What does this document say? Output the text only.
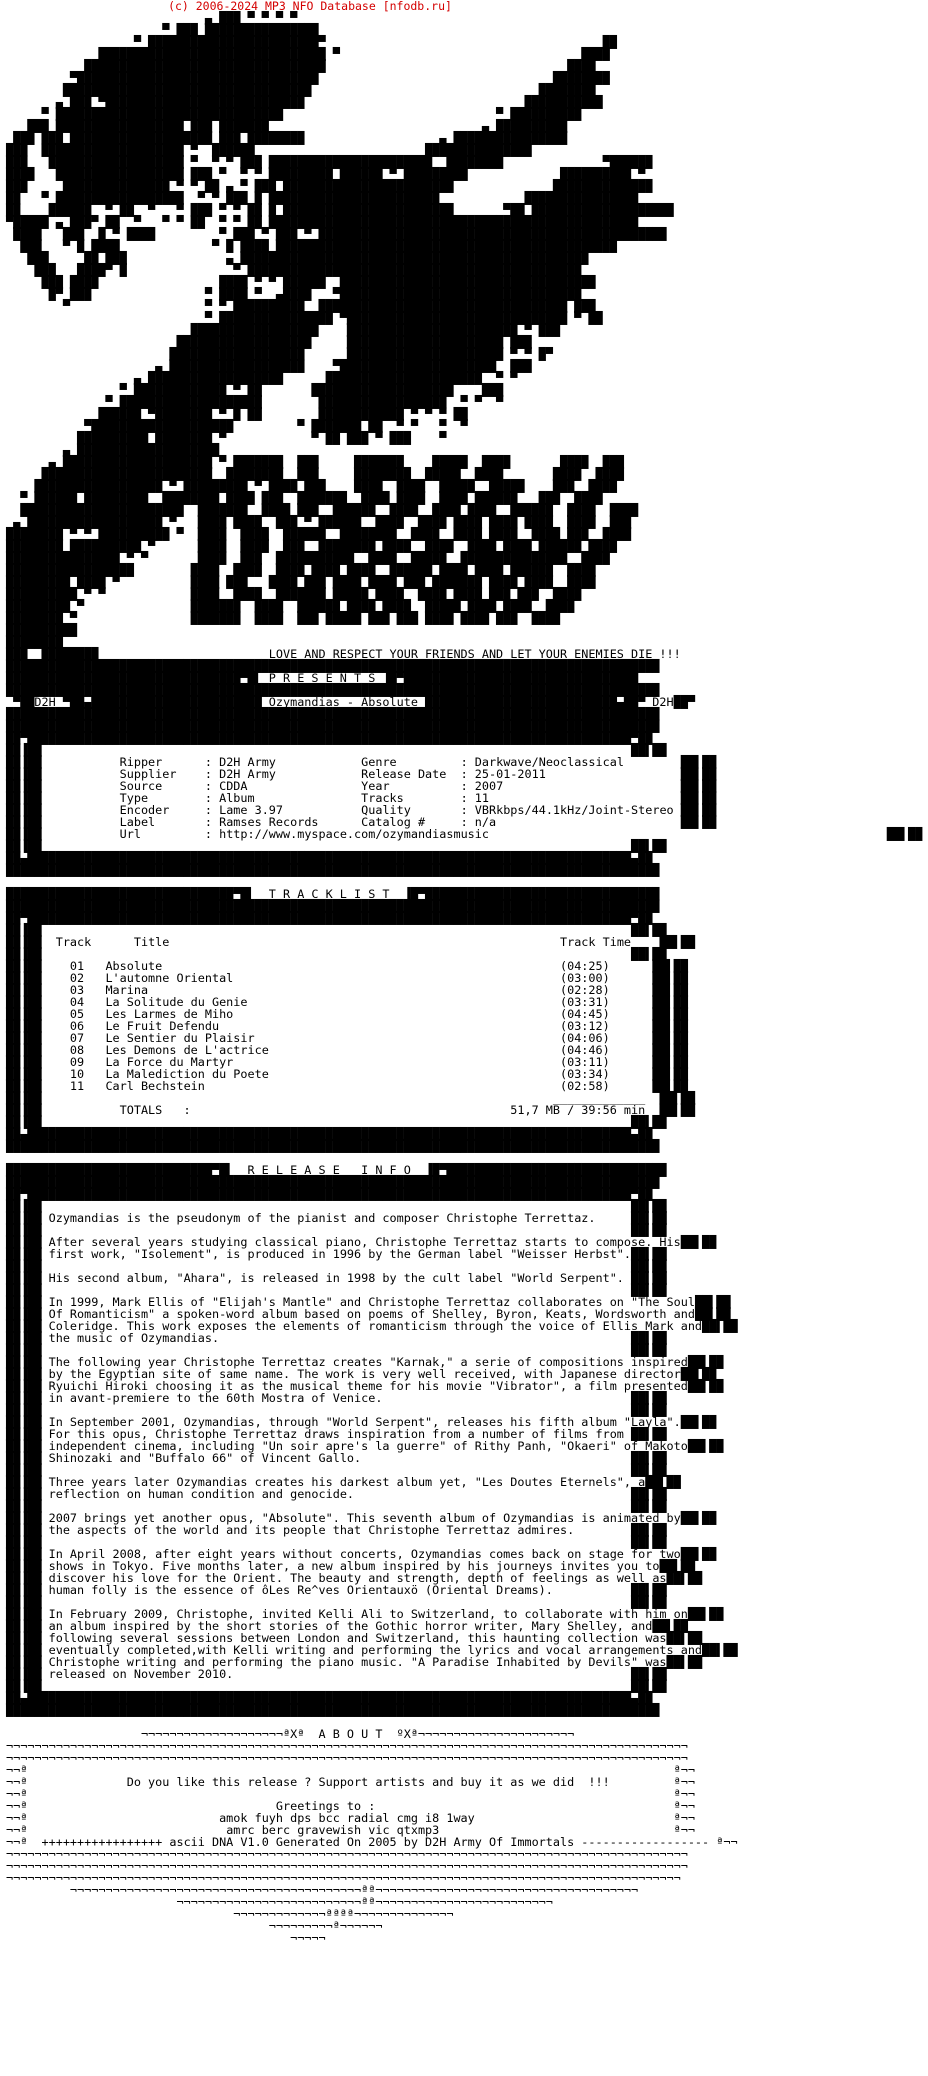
(c) 2006-2024 MP3 NFO Database [nfodb.ru]
▄ ███ ▀ ▀ ▀ ▀
▀ ███ ████████████████
▀ ████████████████████████▀                                       ██
████████████████████████████████ ▀                                  ████
██████████████████████████████████                                  ████
▀██████████████████████████████████                                 ████████
███████████████████████████████████                                ████████
▄ ███ ▀████████████████████████████                               ███████████
▀ ████████████████████████████████                              ▀ ██████████
███ ██████████████████ ███ ███████                              ▄ ██████████
███ ███ ████████████████████ ███ ████████                   ▄ ████████████████
███  ████████████████████ ▀  ██████                        ███████████████
███   ███████████████████ ▀  ▀ ▀ ███ ███████████████████████  ████████              ▀██████
████   ██████████████████ ███ ▀  ▀ ▀ █████████ ██████ ▀ █████████             ██████████ ▀
███     ███████████████ ▀ ▀ ██ ▄ ▀ ███ ████████████████████████              ██████████████
██   ▀ ██████████████████  ▀ ▀ ███ █ ████████████████████████            ████████████████
██    ██████  ▀ ██  ▀   ▀ ███ ▀ ▀ ██ █ ████████████████████████       ▀██ ████████████████████
▀█████ ▄ ███▀ ██  ▀   ▀ ▀ ██  ▀ ▀ ██ ████████████████████████████████████████████████████
████   ███  █ ▀ ████         ▀ ███ ▀ ███ ▀ █████████████████████████████████████████████████
███   ▀ █ ████             ▀ █ ████ ████████████████████████████████████████████████
███     ██ ███              ▄ █████████████████████████████████████████████████
███   ████▀ █               ▀ ███████████████████████████████████████████████
███ ████                 ████ ▀ ▀ ██████  ████████████████████████████████████
█▀ ███                ▀ ████ ▀  ▄████   ▀██████████████████████████████████
▀                   ▀ ▀ ██████████  ███████████████████████████████████ ███
▀ ████████████████ ▀███████████████████████████████ ▀ ██
██████████████████    ████████████████████████ ▀ ███
███████████████████     ██████████████████████ ███
███████████████████      ██████████████████████ ▀ ▀ █▀
▄ ███████████████████    ▀██████████████████████  ███
▄ ███████████████████      ██████████████████████  ▀ ▀
▀ █████████████ ▀ ██       ████████████████████    ███
▀ ████████████████████        ██████████████████  ▀ ▀  ▀
██████ ▀████████ ▀ █ ██        ████████████ ▀ ▀ ▀ ██
▀████████████████████         ▀ ███████ ██  ▀ ▀   ▀  ▀
██████████ ████████ ▀            ▀ ██ ███ ▀ ███    ▀
▄ ████████████████████
▄ █████████████████████ ▀ ███████  ███     ███████    █████  ████       ████  ███
████████████████████████  ████████  ███     ████████  █████  ████       ████  ████
██████████████████ ▀ █████████ ▀ ████ ███    ████  ████  █████  █████    ███  ████
▀ ██████ █████████  ████████ ████ ███  ███████  ████ ████  ████ ██████   ███  ████
███████████████████████  ███████  ████ ███  ██████  ████  ████ ████  ██████  ████  ████
▄ ███████████████████ ▀   ████ ████  ███ ▀ ██████  ████  ████ ████ ████ ████  ████  ███
████████ ▀ ▀ ██████████ ▀  ████  ████  ██████  ████████  ████  ████ ████  ████ ███  ████
████████ ██████████ ▀      ████  ████  ███  ████████ ████  ████  ████ ████ ██████ ████
████████████████ ▀ ▀       ████  ███  ███████████  ████  █████  ███████████████  ████
██████████████████        ████  ████  ████ ████ ████  ██████ ████ ████ ██████  ████
█████████ ████ ▀          ████ ███   ████ ███ ████ ████ ███ ███████ ████ ████  ████
██████████ ▀ ▀            ████  ████  ███████ █████ ████  ████ ████ ███ ███  ████
█████████ ▀               ███████  ████  ██████ ████ ████  █████ ████ ████  ████
████████ ▀                ███████  ████  ███ █████ ███ ███ ████ ████ ███  ████
██████████
████████
███  ████████                        LOVE AND RESPECT YOUR FRIENDS AND LET YOUR ENEMIES DIE !!!
████████████████████████████████████████████████████████████████████████████████████████████
█████████████████████████████████▀█▌ P R E S E N T S ▐█▀█████████████████████████████████
████████████████████████████████████████████████████████████████████████████████████████████
▀██D2H ▀██▄████████████████████████ Ozymandias - Absolute ███████████████████████████▄██▀ D2H██▀
████████████████████████████████████████████████████████████████████████████████████████████
████████████████████████████████████████████████████████████████████████████████████████████
██▀█████████████████████████████████████████████████████████████████████████████████████▀██
██▐██                                                                                   ██▌██
██▐██           Ripper      : D2H Army            Genre         : Darkwave/Neoclassical        ██▌██
██▐██           Supplier    : D2H Army            Release Date  : 25-01-2011                   ██▌██
██▐██           Source      : CDDA                Year          : 2007                         ██▌██
██▐██           Type        : Album               Tracks        : 11                           ██▌██
██▐██           Encoder     : Lame 3.97           Quality       : VBRkbps/44.1kHz/Joint-Stereo ██▌██
██▐██           Label       : Ramses Records      Catalog #     : n/a                          ██▌██
██▐██           Url         : http://www.myspace.com/ozymandiasmusic	██▌██
██▐██                                                                                   ██▌██
██▄█████████████████████████████████████████████████████████████████████████████████████▄██
████████████████████████████████████████████████████████████████████████████████████████████

████████████████████████████████▀█▌  T R A C K L I S T  ▐█▀█████████████████████████████████
████████████████████████████████████████████████████████████████████████████████████████████
██▀█████████████████████████████████████████████████████████████████████████████████████▀██
██▐██                                                                                   ██▌██
██▐██  Track      Title                                                       Track Time    ██▌██
██▐██                                                                                   ██▌██
██▐██    01   Absolute                                                        (04:25)      ██▌██
██▐██    02   L'automne Oriental                                              (03:00)      ██▌██
██▐██    03   Marina                                                          (02:28)      ██▌██
██▐██    04   La Solitude du Genie                                            (03:31)      ██▌██
██▐██    05   Les Larmes de Miho                                              (04:45)      ██▌██
██▐██    06   Le Fruit Defendu                                                (03:12)      ██▌██
██▐██    07   Le Sentier du Plaisir                                           (04:06)      ██▌██
██▐██    08   Les Demons de L'actrice                                         (04:46)      ██▌██
██▐██    09   La Force du Martyr                                              (03:11)      ██▌██
██▐██    10   La Malediction du Poete                                         (03:34)      ██▌██
██▐██    11   Carl Bechstein                                                  (02:58)      ██▌██
██▐██                                                                        _____________  ██▌██
██▐██           TOTALS   :                                             51,7 MB / 39:56 min  ██▌██
██▐██                                                                                   ██▌██
██▄█████████████████████████████████████████████████████████████████████████████████████▄██
████████████████████████████████████████████████████████████████████████████████████████████

█████████████████████████████▀█▌  R E L E A S E   I N F O  ▐█▀███████████████████████████████
████████████████████████████████████████████████████████████████████████████████████████████
██▀█████████████████████████████████████████████████████████████████████████████████████▀██
██▐██                                                                                   ██▌██
██▐██ Ozymandias is the pseudonym of the pianist and composer Christophe Terrettaz.     ██▌██
██▐██                                                                                   ██▌██
██▐██ After several years studying classical piano, Christophe Terrettaz starts to compose. His██▌██
██▐██ first work, "Isolement", is produced in 1996 by the German label "Weisser Herbst".██▌██
██▐██                                                                                   ██▌██
██▐██ His second album, "Ahara", is released in 1998 by the cult label "World Serpent". ██▌██
██▐██                                                                                   ██▌██
██▐██ In 1999, Mark Ellis of "Elijah's Mantle" and Christophe Terrettaz collaborates on "The Soul██▌██
██▐██ Of Romanticism" a spoken-word album based on poems of Shelley, Byron, Keats, Wordsworth and██▌██
██▐██ Coleridge. This work exposes the elements of romanticism through the voice of Ellis Mark and██▌██
██▐██ the music of Ozymandias.                                                          ██▌██
██▐██                                                                                   ██▌██
██▐██ The following year Christophe Terrettaz creates "Karnak," a serie of compositions inspired██▌██
██▐██ by the Egyptian site of same name. The work is very well received, with Japanese director██▌██
██▐██ Ryuichi Hiroki choosing it as the musical theme for his movie "Vibrator", a film presented██▌██
██▐██ in avant-premiere to the 60th Mostra of Venice.                                   ██▌██
██▐██                                                                                   ██▌██
██▐██ In September 2001, Ozymandias, through "World Serpent", releases his fifth album "Layla".██▌██
██▐██ For this opus, Christophe Terrettaz draws inspiration from a number of films from ██▌██
██▐██ independent cinema, including "Un soir apre's la guerre" of Rithy Panh, "Okaeri" of Makoto██▌██
██▐██ Shinozaki and "Buffalo 66" of Vincent Gallo.                                      ██▌██
██▐██                                                                                   ██▌██
██▐██ Three years later Ozymandias creates his darkest album yet, "Les Doutes Eternels", a██▌██
██▐██ reflection on human condition and genocide.                                       ██▌██
██▐██                                                                                   ██▌██
██▐██ 2007 brings yet another opus, "Absolute". This seventh album of Ozymandias is animated by██▌██
██▐██ the aspects of the world and its people that Christophe Terrettaz admires.        ██▌██
██▐██                                                                                   ██▌██
██▐██ In April 2008, after eight years without concerts, Ozymandias comes back on stage for two██▌██
██▐██ shows in Tokyo. Five months later, a new album inspired by his journeys invites you to██▌██
██▐██ discover his love for the Orient. The beauty and strength, depth of feelings as well as██▌██
██▐██ human folly is the essence of ôLes Re^ves Orientauxö (Oriental Dreams).           ██▌██
██▐██                                                                                   ██▌██
██▐██ In February 2009, Christophe, invited Kelli Ali to Switzerland, to collaborate with him on██▌██
██▐██ an album inspired by the short stories of the Gothic horror writer, Mary Shelley, and██▌██
██▐██ following several sessions between London and Switzerland, this haunting collection was██▌██
██▐██ eventually completed,with Kelli writing and performing the lyrics and vocal arrangements and██▌██
██▐██ Christophe writing and performing the piano music. "A Paradise Inhabited by Devils" was██▌██
██▐██ released on November 2010.                                                        ██▌██
██▐██                                                                                   ██▌██
██▄█████████████████████████████████████████████████████████████████████████████████████▄██
████████████████████████████████████████████████████████████████████████████████████████████

¬¬¬¬¬¬¬¬¬¬¬¬¬¬¬¬¬¬¬¬ªXª  A B O U T  ºXª¬¬¬¬¬¬¬¬¬¬¬¬¬¬¬¬¬¬¬¬¬¬
¬¬¬¬¬¬¬¬¬¬¬¬¬¬¬¬¬¬¬¬¬¬¬¬¬¬¬¬¬¬¬¬¬¬¬¬¬¬¬¬¬¬¬¬¬¬¬¬¬¬¬¬¬¬¬¬¬¬¬¬¬¬¬¬¬¬¬¬¬¬¬¬¬¬¬¬¬¬¬¬¬¬¬¬¬¬¬¬¬¬¬¬¬¬¬¬
¬¬¬¬¬¬¬¬¬¬¬¬¬¬¬¬¬¬¬¬¬¬¬¬¬¬¬¬¬¬¬¬¬¬¬¬¬¬¬¬¬¬¬¬¬¬¬¬¬¬¬¬¬¬¬¬¬¬¬¬¬¬¬¬¬¬¬¬¬¬¬¬¬¬¬¬¬¬¬¬¬¬¬¬¬¬¬¬¬¬¬¬¬¬¬¬
¬¬ª	ª¬¬
¬¬ª	Do you like this release ? Support artists and buy it as we did  !!!         ª¬¬
¬¬ª	ª¬¬
¬¬ª	Greetings to :                                          ª¬¬
¬¬ª	amok fuyh dps bcc radial cmg i8 1way                            ª¬¬
¬¬ª	amrc berc gravewish vic qtxmp3                                 ª¬¬
¬¬ª  +++++++++++++++++ ascii DNA V1.0 Generated On 2005 by D2H Army Of Immortals ------------------ ª¬¬
¬¬¬¬¬¬¬¬¬¬¬¬¬¬¬¬¬¬¬¬¬¬¬¬¬¬¬¬¬¬¬¬¬¬¬¬¬¬¬¬¬¬¬¬¬¬¬¬¬¬¬¬¬¬¬¬¬¬¬¬¬¬¬¬¬¬¬¬¬¬¬¬¬¬¬¬¬¬¬¬¬¬¬¬¬¬¬¬¬¬¬¬¬¬¬¬
¬¬¬¬¬¬¬¬¬¬¬¬¬¬¬¬¬¬¬¬¬¬¬¬¬¬¬¬¬¬¬¬¬¬¬¬¬¬¬¬¬¬¬¬¬¬¬¬¬¬¬¬¬¬¬¬¬¬¬¬¬¬¬¬¬¬¬¬¬¬¬¬¬¬¬¬¬¬¬¬¬¬¬¬¬¬¬¬¬¬¬¬¬¬¬¬
¬¬¬¬¬¬¬¬¬¬¬¬¬¬¬¬¬¬¬¬¬¬¬¬¬¬¬¬¬¬¬¬¬¬¬¬¬¬¬¬¬¬¬¬¬¬¬¬¬¬¬¬¬¬¬¬¬¬¬¬¬¬¬¬¬¬¬¬¬¬¬¬¬¬¬¬¬¬¬¬¬¬¬¬¬¬¬¬¬¬¬¬¬¬¬
¬¬¬¬¬¬¬¬¬¬¬¬¬¬¬¬¬¬¬¬¬¬¬¬¬¬¬¬¬¬¬¬¬¬¬¬¬¬¬¬¬ªª¬¬¬¬¬¬¬¬¬¬¬¬¬¬¬¬¬¬¬¬¬¬¬¬¬¬¬¬¬¬¬¬¬¬¬¬¬
¬¬¬¬¬¬¬¬¬¬¬¬¬¬¬¬¬¬¬¬¬¬¬¬¬¬ªª¬¬¬¬¬¬¬¬¬¬¬¬¬¬¬¬¬¬¬¬¬¬¬¬¬
¬¬¬¬¬¬¬¬¬¬¬¬¬ªªªª¬¬¬¬¬¬¬¬¬¬¬¬¬¬
¬¬¬¬¬¬¬¬¬ª¬¬¬¬¬¬
¬¬¬¬¬
